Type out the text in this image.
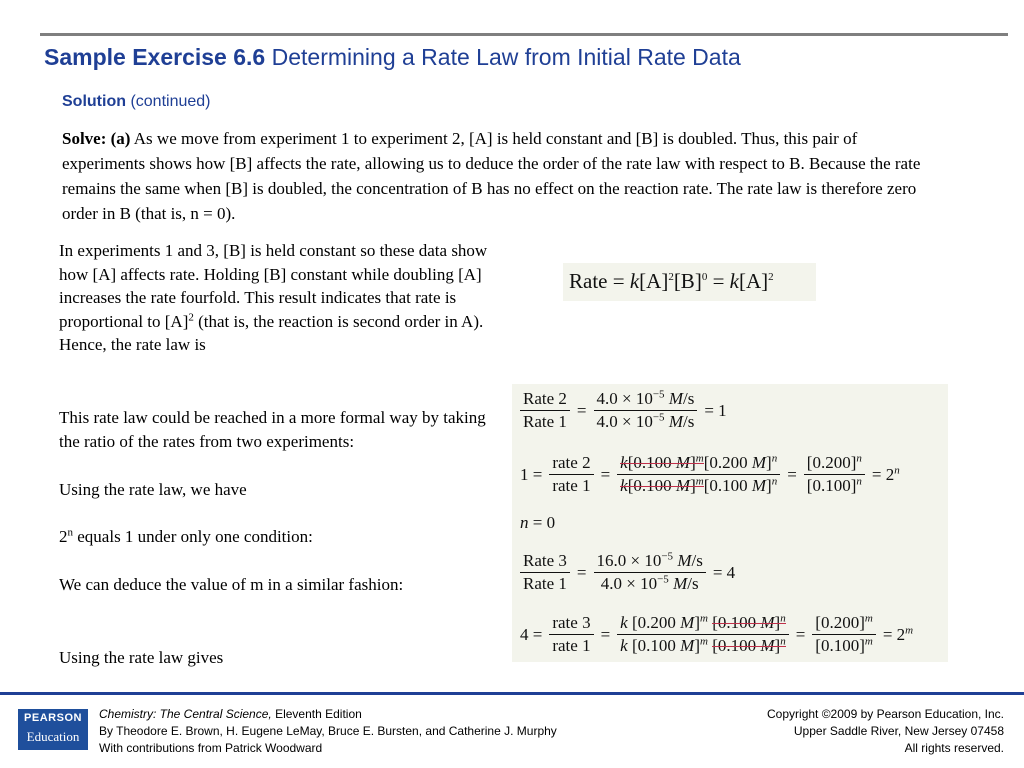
Sample Exercise 6.6 Determining a Rate Law from Initial Rate Data
Solution (continued)
Solve: (a) As we move from experiment 1 to experiment 2, [A] is held constant and [B] is doubled. Thus, this pair of experiments shows how [B] affects the rate, allowing us to deduce the order of the rate law with respect to B. Because the rate remains the same when [B] is doubled, the concentration of B has no effect on the reaction rate. The rate law is therefore zero order in B (that is, n = 0).
In experiments 1 and 3, [B] is held constant so these data show how [A] affects rate. Holding [B] constant while doubling [A] increases the rate fourfold. This result indicates that rate is proportional to $[A]^2$ (that is, the reaction is second order in A). Hence, the rate law is
This rate law could be reached in a more formal way by taking the ratio of the rates from two experiments:
Using the rate law, we have
2$^n$ equals 1 under only one condition:
We can deduce the value of m in a similar fashion:
Using the rate law gives
Rate = $k[A]^2[B]^0 = k[A]^2$
$\frac{\text{Rate 2}}{\text{Rate 1}} = \frac{4.0 \times 10^{-5} M/s}{4.0 \times 10^{-5} M/s} = 1$
$1 = \frac{\text{rate 2}}{\text{rate 1}} = \frac{k[0.100 M]^m[0.200 M]^n}{k[0.100 M]^m[0.100 M]^n} = \frac{[0.200]^n}{[0.100]^n} = 2^n$
n = 0
$\frac{\text{Rate 3}}{\text{Rate 1}} = \frac{16.0 \times 10^{-5} M/s}{4.0 \times 10^{-5} M/s} = 4$
$4 = \frac{\text{rate 3}}{\text{rate 1}} = \frac{k [0.200 M]^m [0.100 M]^n}{k [0.100 M]^m [0.100 M]^n} = \frac{[0.200]^m}{[0.100]^m} = 2^m$
PEARSON
Education
Chemistry: The Central Science, Eleventh Edition
By Theodore E. Brown, H. Eugene LeMay, Bruce E. Bursten, and Catherine J. Murphy
With contributions from Patrick Woodward
Copyright ©2009 by Pearson Education, Inc.
Upper Saddle River, New Jersey 07458
All rights reserved.
